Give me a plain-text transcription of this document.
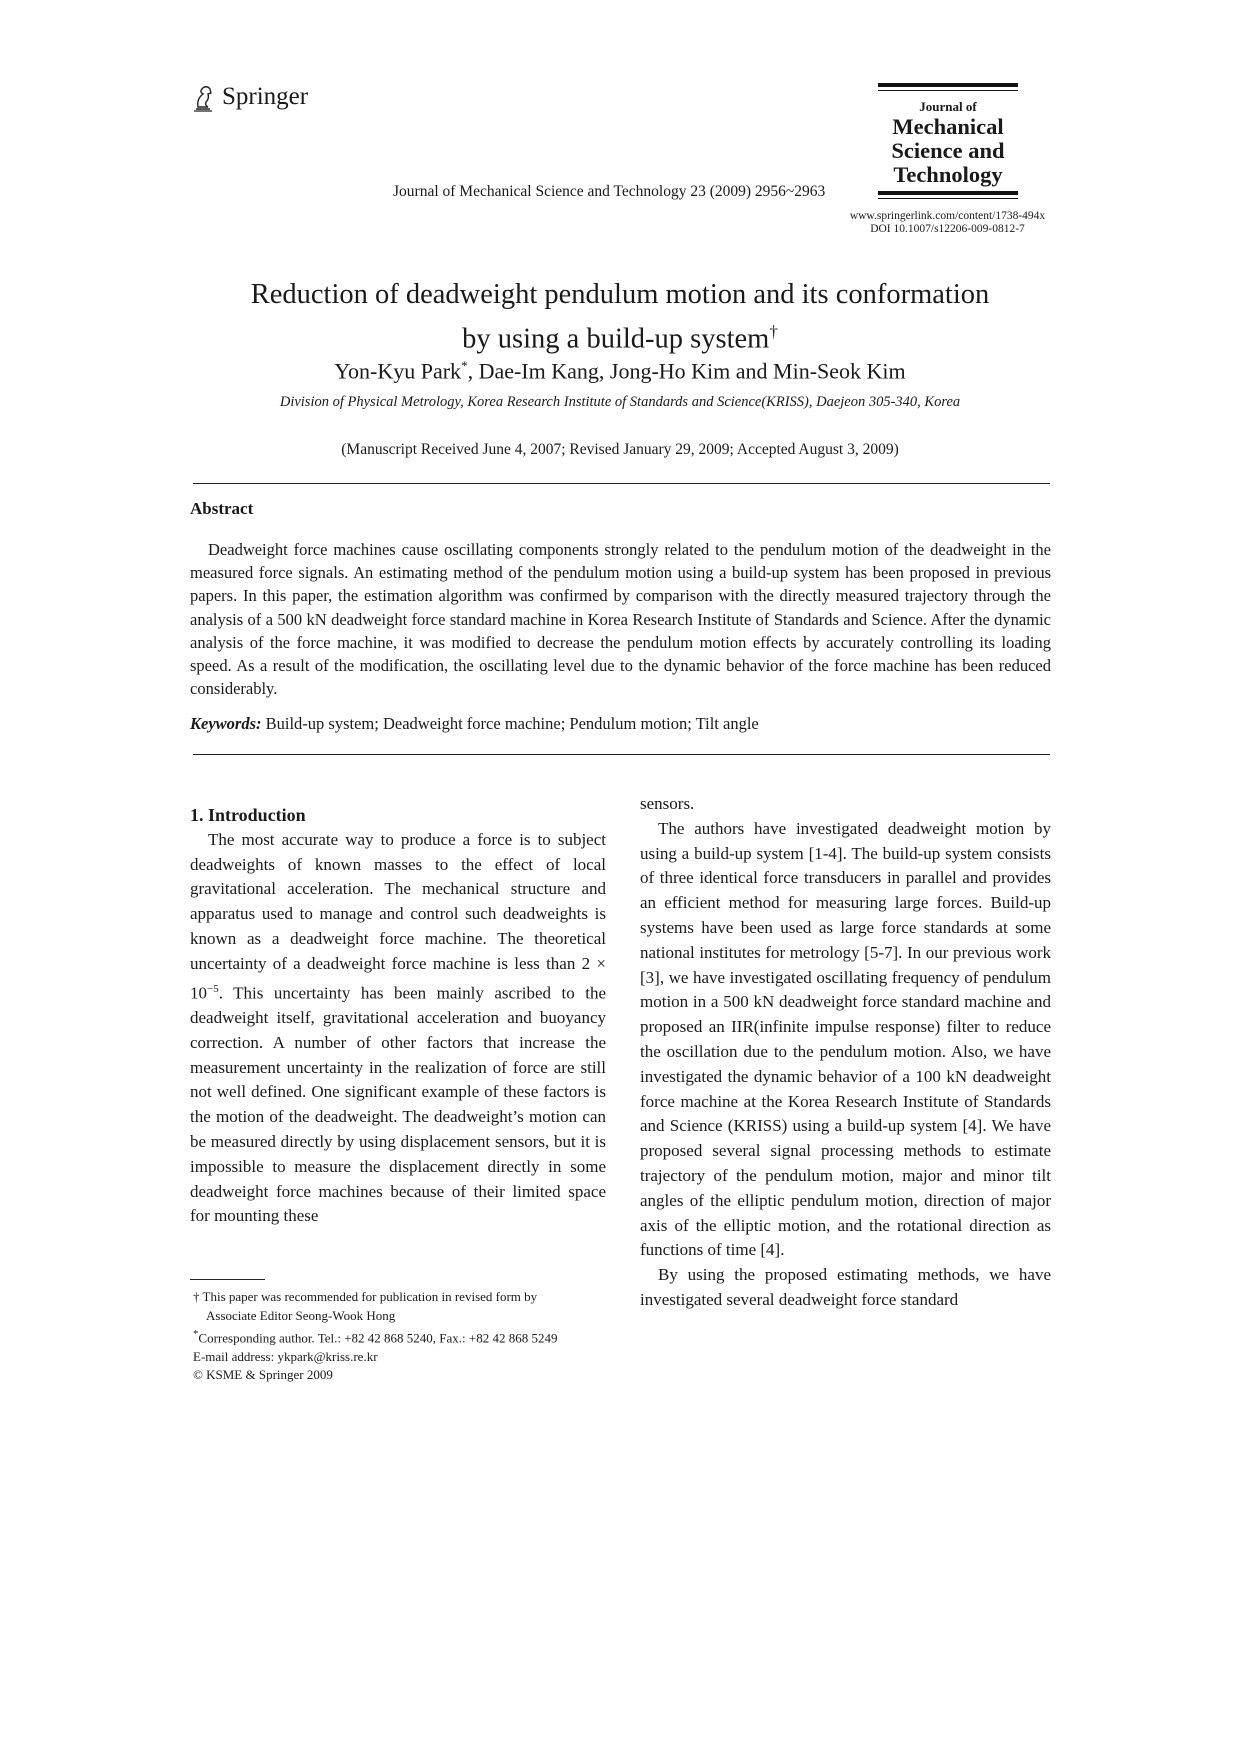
Springer
Journal of Mechanical Science and Technology 23 (2009) 2956~2963
Journal of
Mechanical
Science and
Technology
www.springerlink.com/content/1738-494x
DOI 10.1007/s12206-009-0812-7
Reduction of deadweight pendulum motion and its conformation
by using a build-up system†
Yon-Kyu Park*, Dae-Im Kang, Jong-Ho Kim and Min-Seok Kim
Division of Physical Metrology, Korea Research Institute of Standards and Science(KRISS), Daejeon 305-340, Korea
(Manuscript Received June 4, 2007; Revised January 29, 2009; Accepted August 3, 2009)
Abstract
Deadweight force machines cause oscillating components strongly related to the pendulum motion of the deadweight in the measured force signals. An estimating method of the pendulum motion using a build-up system has been proposed in previous papers. In this paper, the estimation algorithm was confirmed by comparison with the directly measured trajectory through the analysis of a 500 kN deadweight force standard machine in Korea Research Institute of Standards and Science. After the dynamic analysis of the force machine, it was modified to decrease the pendulum motion effects by accurately controlling its loading speed. As a result of the modification, the oscillating level due to the dynamic behavior of the force machine has been reduced considerably.
Keywords: Build-up system; Deadweight force machine; Pendulum motion; Tilt angle

1. Introduction

The most accurate way to produce a force is to subject deadweights of known masses to the effect of local gravitational acceleration. The mechanical structure and apparatus used to manage and control such deadweights is known as a deadweight force machine. The theoretical uncertainty of a deadweight force machine is less than $2 \times 10^{-5}$. This uncertainty has been mainly ascribed to the deadweight itself, gravitational acceleration and buoyancy correction. A number of other factors that increase the measurement uncertainty in the realization of force are still not well defined. One significant example of these factors is the motion of the deadweight. The deadweight’s motion can be measured directly by using displacement sensors, but it is impossible to measure the displacement directly in some deadweight force machines because of their limited space for mounting these

sensors.

The authors have investigated deadweight motion by using a build-up system [1-4]. The build-up system consists of three identical force transducers in parallel and provides an efficient method for measuring large forces. Build-up systems have been used as large force standards at some national institutes for metrology [5-7]. In our previous work [3], we have investigated oscillating frequency of pendulum motion in a 500 kN deadweight force standard machine and proposed an IIR(infinite impulse response) filter to reduce the oscillation due to the pendulum motion. Also, we have investigated the dynamic behavior of a 100 kN deadweight force machine at the Korea Research Institute of Standards and Science (KRISS) using a build-up system [4]. We have proposed several signal processing methods to estimate trajectory of the pendulum motion, major and minor tilt angles of the elliptic pendulum motion, direction of major axis of the elliptic motion, and the rotational direction as functions of time [4].

By using the proposed estimating methods, we have investigated several deadweight force standard

† This paper was recommended for publication in revised form by
Associate Editor Seong-Wook Hong
*Corresponding author. Tel.: +82 42 868 5240, Fax.: +82 42 868 5249
E-mail address: ykpark@kriss.re.kr
© KSME & Springer 2009
